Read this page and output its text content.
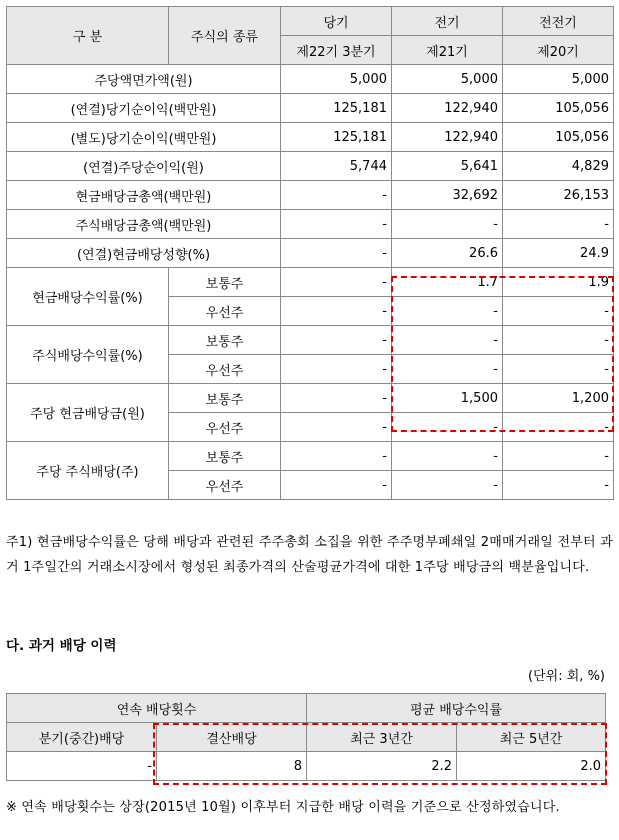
구 분	주식의 종류	당기	전기	전전기
		제22기 3분기	제21기	제20기
주당액면가액(원)		5,000	5,000	5,000
(연결)당기순이익(백만원)		125,181	122,940	105,056
(별도)당기순이익(백만원)		125,181	122,940	105,056
(연결)주당순이익(원)		5,744	5,641	4,829
현금배당금총액(백만원)		-	32,692	26,153
주식배당금총액(백만원)		-	-	-
(연결)현금배당성향(%)		-	26.6	24.9
현금배당수익률(%)	보통주	-	1.7	1.9
	우선주	-	-	-
주식배당수익률(%)	보통주	-	-	-
	우선주	-	-	-
주당 현금배당금(원)	보통주	-	1,500	1,200
	우선주	-	-	-
주당 주식배당(주)	보통주	-	-	-
	우선주	-	-	-
주1) 현금배당수익률은 당해 배당과 관련된 주주총회 소집을 위한 주주명부폐쇄일 2매매거래일 전부터 과거 1주일간의 거래소시장에서 형성된 최종가격의 산술평균가격에 대한 1주당 배당금의 백분율입니다.
다. 과거 배당 이력
(단위: 회, %)
연속 배당횟수		평균 배당수익률	
분기(중간)배당	결산배당	최근 3년간	최근 5년간
-	8	2.2	2.0
※ 연속 배당횟수는 상장(2015년 10월) 이후부터 지급한 배당 이력을 기준으로 산정하였습니다.
